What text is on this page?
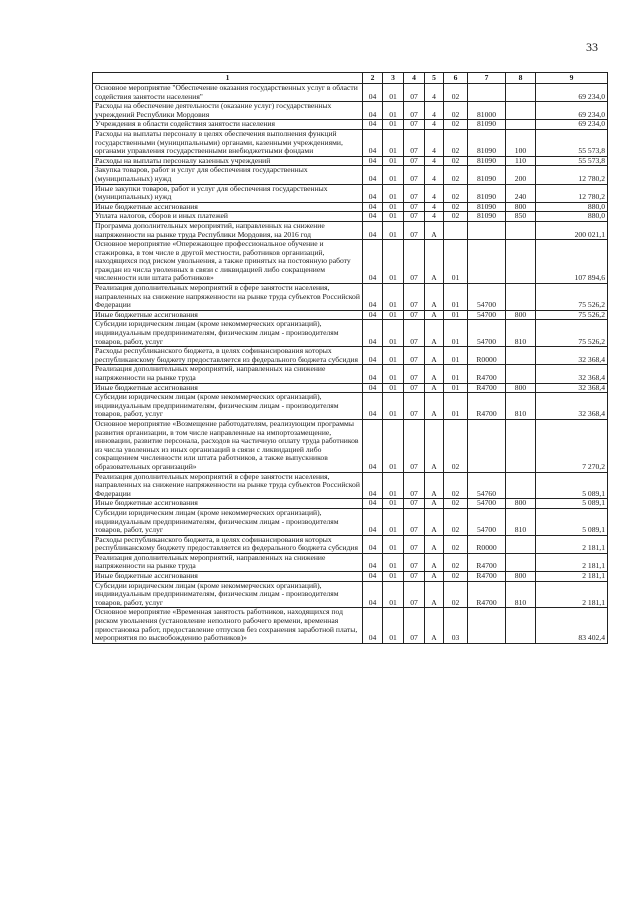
33
1	2	3	4	5	6	7	8	9
Основное мероприятие "Обеспечение оказания государственных услуг в области содействия занятости населения"	04	01	07	4	02			69 234,0
Расходы на обеспечение деятельности (оказание услуг) государственных учреждений Республики Мордовия	04	01	07	4	02	81000		69 234,0
Учреждения в области содействия занятости населения	04	01	07	4	02	81090		69 234,0
Расходы на выплаты персоналу в целях обеспечения выполнения функций государственными (муниципальными) органами, казенными учреждениями, органами управления государственными внебюджетными фондами	04	01	07	4	02	81090	100	55 573,8
Расходы на выплаты персоналу казенных учреждений	04	01	07	4	02	81090	110	55 573,8
Закупка товаров, работ и услуг для обеспечения государственных (муниципальных) нужд	04	01	07	4	02	81090	200	12 780,2
Иные закупки товаров, работ и услуг для обеспечения государственных (муниципальных) нужд	04	01	07	4	02	81090	240	12 780,2
Иные бюджетные ассигнования	04	01	07	4	02	81090	800	880,0
Уплата налогов, сборов и иных платежей	04	01	07	4	02	81090	850	880,0
Программа дополнительных мероприятий, направленных на снижение напряженности на рынке труда Республики Мордовия, на 2016 год	04	01	07	А				200 021,1
Основное мероприятие «Опережающее профессиональное обучение и стажировка, в том числе в другой местности, работников организаций, находящихся под риском увольнения, а также принятых на постоянную работу граждан из числа уволенных в связи с ликвидацией либо сокращением численности или штата работников»	04	01	07	А	01			107 894,6
Реализация дополнительных мероприятий в сфере занятости населения, направленных на снижение напряженности на рынке труда субъектов Российской Федерации	04	01	07	А	01	54700		75 526,2
Иные бюджетные ассигнования	04	01	07	А	01	54700	800	75 526,2
Субсидии юридическим лицам (кроме некоммерческих организаций), индивидуальным предпринимателям, физическим лицам - производителям товаров, работ, услуг	04	01	07	А	01	54700	810	75 526,2
Расходы республиканского бюджета, в целях софинансирования которых республиканскому бюджету предоставляется из федерального бюджета субсидия	04	01	07	А	01	R0000		32 368,4
Реализация дополнительных мероприятий, направленных на снижение напряженности на рынке труда	04	01	07	А	01	R4700		32 368,4
Иные бюджетные ассигнования	04	01	07	А	01	R4700	800	32 368,4
Субсидии юридическим лицам (кроме некоммерческих организаций), индивидуальным предпринимателям, физическим лицам - производителям товаров, работ, услуг	04	01	07	А	01	R4700	810	32 368,4
Основное мероприятие «Возмещение работодателям, реализующим программы развития организации, в том числе направленные на импортозамещение, инновации, развитие персонала, расходов на частичную оплату труда работников из числа уволенных из иных организаций в связи с ликвидацией либо сокращением численности или штата работников, а также выпускников образовательных организаций»	04	01	07	А	02			7 270,2
Реализация дополнительных мероприятий в сфере занятости населения, направленных на снижение напряженности на рынке труда субъектов Российской Федерации	04	01	07	А	02	54760		5 089,1
Иные бюджетные ассигнования	04	01	07	А	02	54700	800	5 089,1
Субсидии юридическим лицам (кроме некоммерческих организаций), индивидуальным предпринимателям, физическим лицам - производителям товаров, работ, услуг	04	01	07	А	02	54700	810	5 089,1
Расходы республиканского бюджета, в целях софинансирования которых республиканскому бюджету предоставляется из федерального бюджета субсидия	04	01	07	А	02	R0000		2 181,1
Реализация дополнительных мероприятий, направленных на снижение напряженности на рынке труда	04	01	07	А	02	R4700		2 181,1
Иные бюджетные ассигнования	04	01	07	А	02	R4700	800	2 181,1
Субсидии юридическим лицам (кроме некоммерческих организаций), индивидуальным предпринимателям, физическим лицам - производителям товаров, работ, услуг	04	01	07	А	02	R4700	810	2 181,1
Основное мероприятие «Временная занятость работников, находящихся под риском увольнения (установление неполного рабочего времени, временная приостановка работ, предоставление отпусков без сохранения заработной платы, мероприятия по высвобождению работников)»	04	01	07	А	03			83 402,4
